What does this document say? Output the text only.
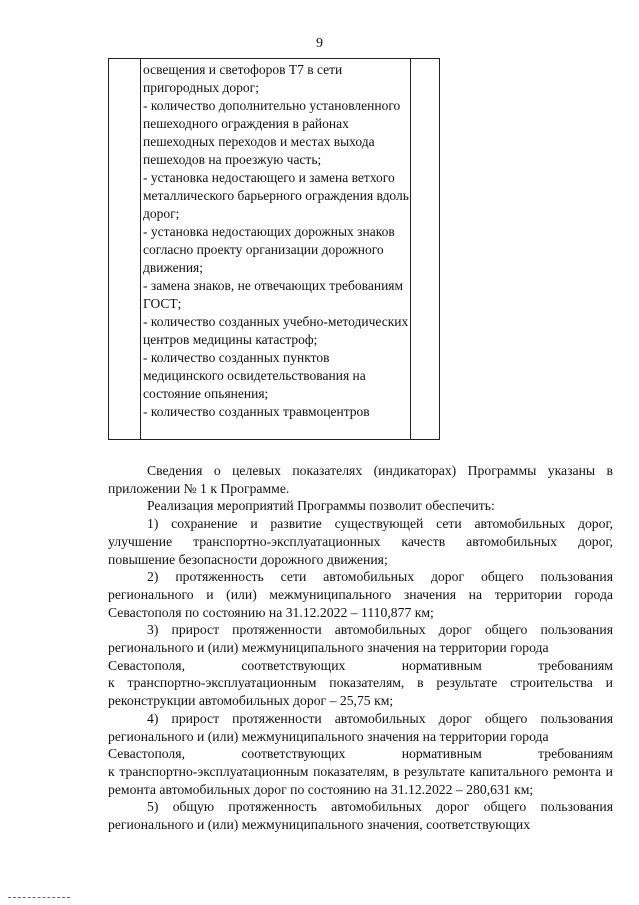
9

освещения и светофоров Т7 в сети пригородных дорог;

- количество дополнительно установленного пешеходного ограждения в районах пешеходных переходов и местах выхода пешеходов на проезжую часть;

- установка недостающего и замена ветхого металлического барьерного ограждения вдоль дорог;

- установка недостающих дорожных знаков согласно проекту организации дорожного движения;

- замена знаков, не отвечающих требованиям ГОСТ;

- количество созданных учебно-методических центров медицины катастроф;

- количество созданных пунктов медицинского освидетельствования на состояние опьянения;

- количество созданных травмоцентров

Сведения о целевых показателях (индикаторах) Программы указаны в приложении № 1 к Программе.

Реализация мероприятий Программы позволит обеспечить:

1) сохранение и развитие существующей сети автомобильных дорог, улучшение транспортно-эксплуатационных качеств автомобильных дорог, повышение безопасности дорожного движения;

2) протяженность сети автомобильных дорог общего пользования регионального и (или) межмуниципального значения на территории города Севастополя по состоянию на 31.12.2022 – 1110,877 км;

3) прирост протяженности автомобильных дорог общего пользования регионального и (или) межмуниципального значения на территории города

Севастополя,	соответствующих	нормативным	требованиям

к транспортно-эксплуатационным показателям, в результате строительства и реконструкции автомобильных дорог – 25,75 км;

4) прирост протяженности автомобильных дорог общего пользования регионального и (или) межмуниципального значения на территории города

Севастополя,	соответствующих	нормативным	требованиям

к транспортно-эксплуатационным показателям, в результате капитального ремонта и ремонта автомобильных дорог по состоянию на 31.12.2022 – 280,631 км;

5) общую протяженность автомобильных дорог общего пользования регионального и (или) межмуниципального значения, соответствующих
